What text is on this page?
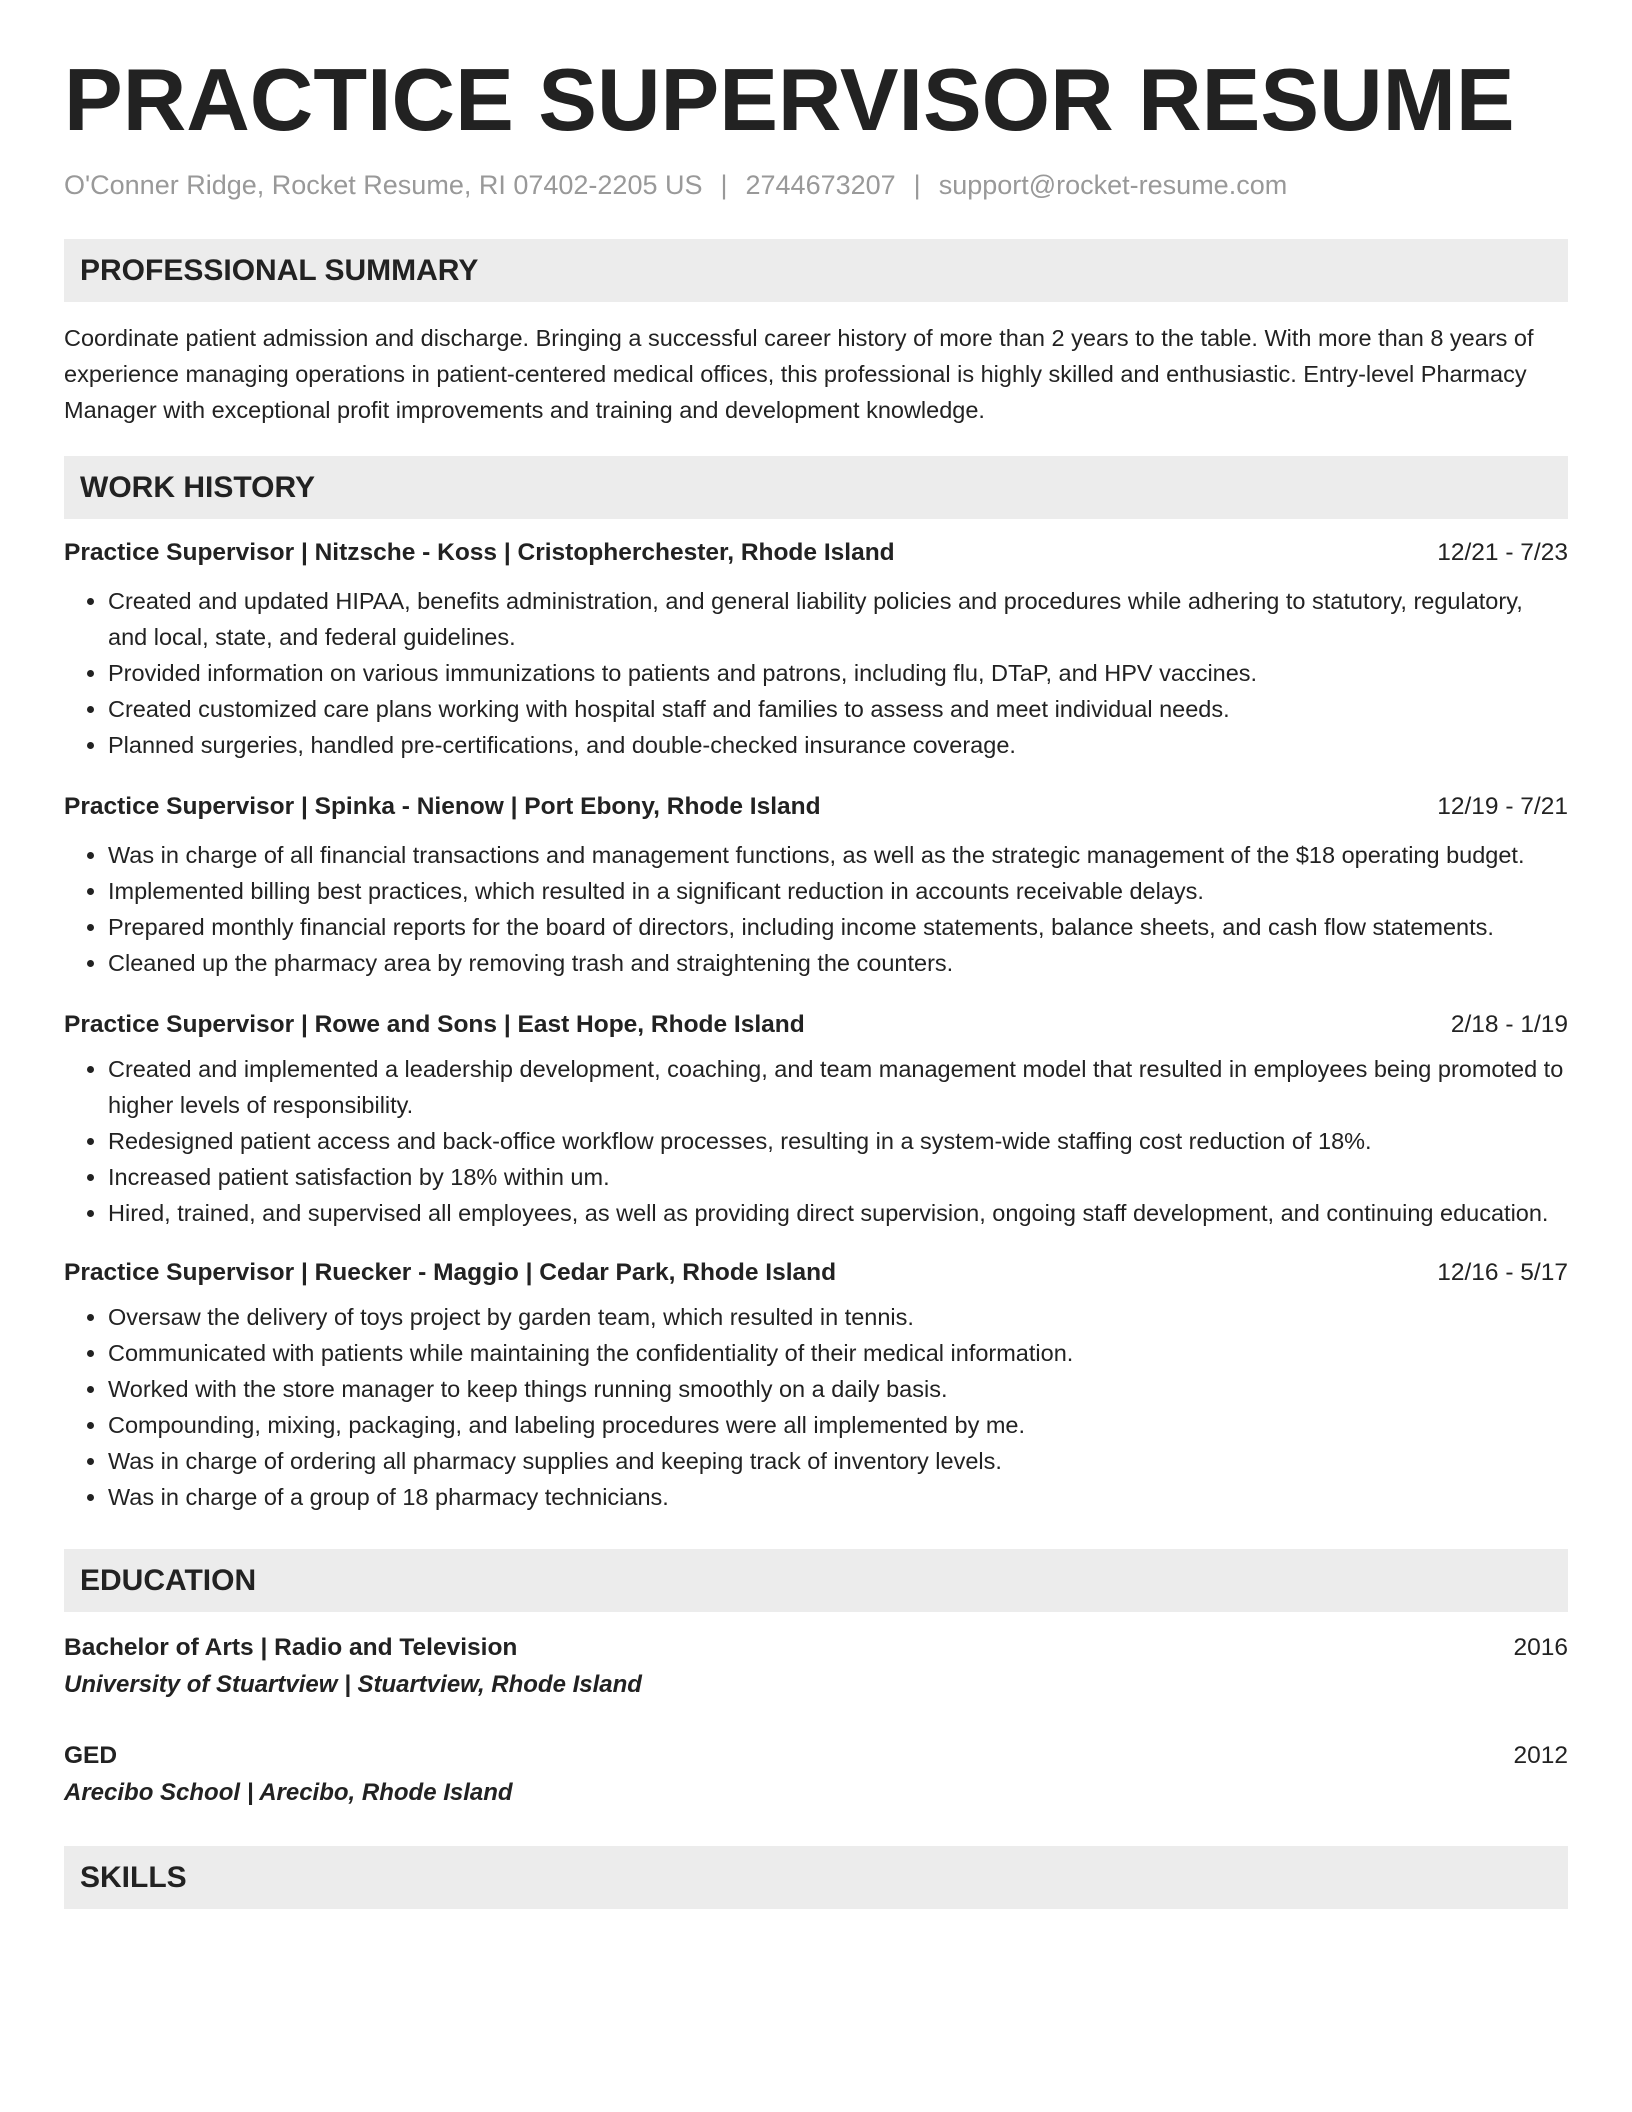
PRACTICE SUPERVISOR RESUME
O'Conner Ridge, Rocket Resume, RI 07402-2205 US | 2744673207 | support@rocket-resume.com
PROFESSIONAL SUMMARY
Coordinate patient admission and discharge. Bringing a successful career history of more than 2 years to the table. With more than 8 years of experience managing operations in patient-centered medical offices, this professional is highly skilled and enthusiastic. Entry-level Pharmacy Manager with exceptional profit improvements and training and development knowledge.
WORK HISTORY
Practice Supervisor | Nitzsche - Koss | Cristopherchester, Rhode Island	12/21 - 7/23
• Created and updated HIPAA, benefits administration, and general liability policies and procedures while adhering to statutory, regulatory, and local, state, and federal guidelines.
• Provided information on various immunizations to patients and patrons, including flu, DTaP, and HPV vaccines.
• Created customized care plans working with hospital staff and families to assess and meet individual needs.
• Planned surgeries, handled pre-certifications, and double-checked insurance coverage.
Practice Supervisor | Spinka - Nienow | Port Ebony, Rhode Island	12/19 - 7/21
• Was in charge of all financial transactions and management functions, as well as the strategic management of the $18 operating budget.
• Implemented billing best practices, which resulted in a significant reduction in accounts receivable delays.
• Prepared monthly financial reports for the board of directors, including income statements, balance sheets, and cash flow statements.
• Cleaned up the pharmacy area by removing trash and straightening the counters.
Practice Supervisor | Rowe and Sons | East Hope, Rhode Island	2/18 - 1/19
• Created and implemented a leadership development, coaching, and team management model that resulted in employees being promoted to higher levels of responsibility.
• Redesigned patient access and back-office workflow processes, resulting in a system-wide staffing cost reduction of 18%.
• Increased patient satisfaction by 18% within um.
• Hired, trained, and supervised all employees, as well as providing direct supervision, ongoing staff development, and continuing education.
Practice Supervisor | Ruecker - Maggio | Cedar Park, Rhode Island	12/16 - 5/17
• Oversaw the delivery of toys project by garden team, which resulted in tennis.
• Communicated with patients while maintaining the confidentiality of their medical information.
• Worked with the store manager to keep things running smoothly on a daily basis.
• Compounding, mixing, packaging, and labeling procedures were all implemented by me.
• Was in charge of ordering all pharmacy supplies and keeping track of inventory levels.
• Was in charge of a group of 18 pharmacy technicians.
EDUCATION
Bachelor of Arts | Radio and Television	2016
University of Stuartview | Stuartview, Rhode Island
GED	2012
Arecibo School | Arecibo, Rhode Island
SKILLS
